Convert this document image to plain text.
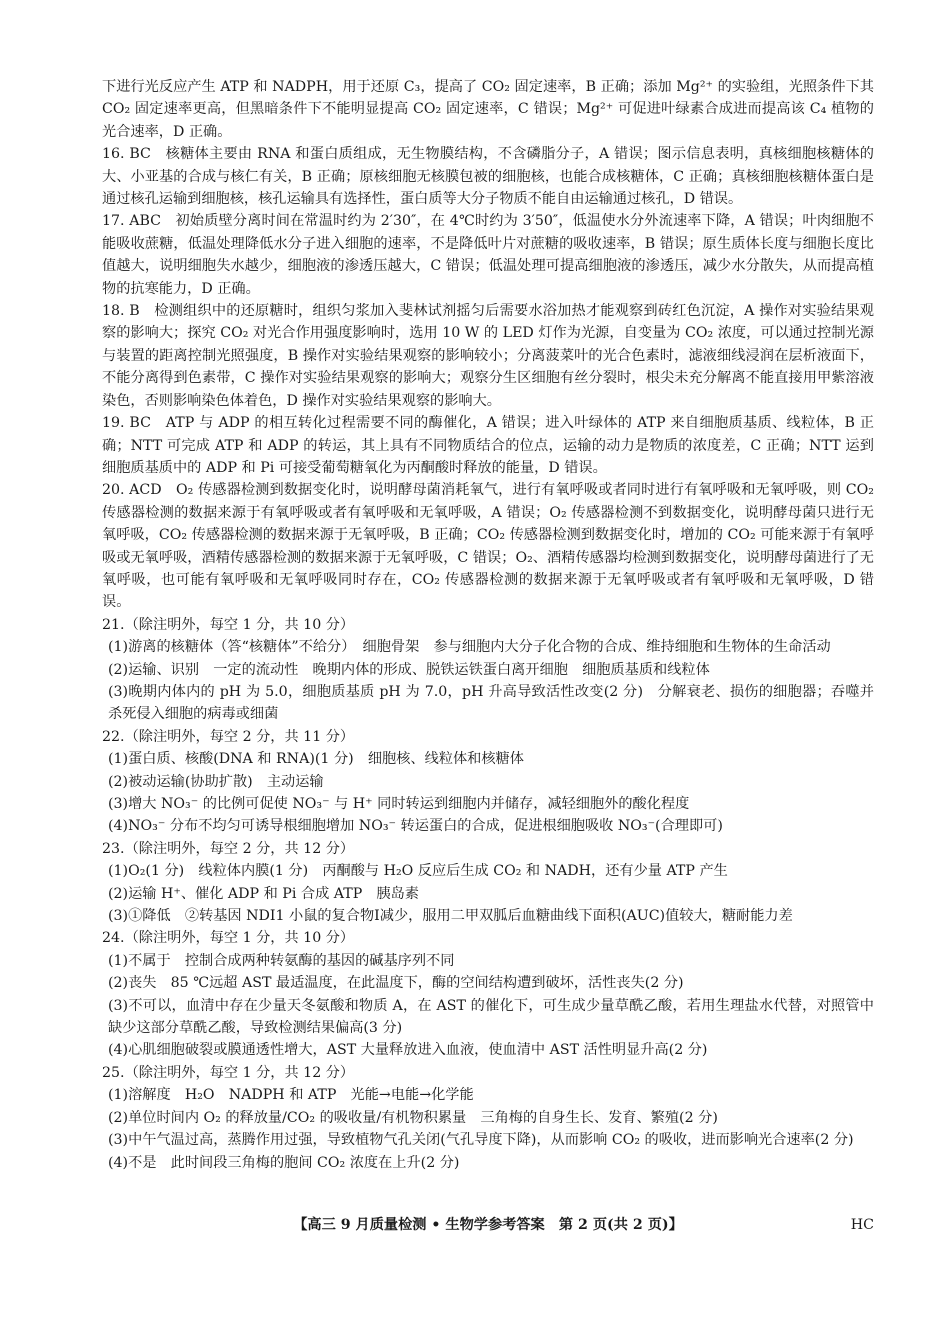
下进行光反应产生 ATP 和 NADPH，用于还原 C₃，提高了 CO₂ 固定速率，B 正确；添加 Mg²⁺ 的实验组，光照条件下其 CO₂ 固定速率更高，但黑暗条件下不能明显提高 CO₂ 固定速率，C 错误；Mg²⁺ 可促进叶绿素合成进而提高该 C₄ 植物的光合速率，D 正确。

16. BC　核糖体主要由 RNA 和蛋白质组成，无生物膜结构，不含磷脂分子，A 错误；图示信息表明，真核细胞核糖体的大、小亚基的合成与核仁有关，B 正确；原核细胞无核膜包被的细胞核，也能合成核糖体，C 正确；真核细胞核糖体蛋白是通过核孔运输到细胞核，核孔运输具有选择性，蛋白质等大分子物质不能自由运输通过核孔，D 错误。

17. ABC　初始质壁分离时间在常温时约为 2′30″，在 4℃时约为 3′50″，低温使水分外流速率下降，A 错误；叶肉细胞不能吸收蔗糖，低温处理降低水分子进入细胞的速率，不是降低叶片对蔗糖的吸收速率，B 错误；原生质体长度与细胞长度比值越大，说明细胞失水越少，细胞液的渗透压越大，C 错误；低温处理可提高细胞液的渗透压，减少水分散失，从而提高植物的抗寒能力，D 正确。

18. B　检测组织中的还原糖时，组织匀浆加入斐林试剂摇匀后需要水浴加热才能观察到砖红色沉淀，A 操作对实验结果观察的影响大；探究 CO₂ 对光合作用强度影响时，选用 10 W 的 LED 灯作为光源，自变量为 CO₂ 浓度，可以通过控制光源与装置的距离控制光照强度，B 操作对实验结果观察的影响较小；分离菠菜叶的光合色素时，滤液细线浸润在层析液面下，不能分离得到色素带，C 操作对实验结果观察的影响大；观察分生区细胞有丝分裂时，根尖未充分解离不能直接用甲紫溶液染色，否则影响染色体着色，D 操作对实验结果观察的影响大。

19. BC　ATP 与 ADP 的相互转化过程需要不同的酶催化，A 错误；进入叶绿体的 ATP 来自细胞质基质、线粒体，B 正确；NTT 可完成 ATP 和 ADP 的转运，其上具有不同物质结合的位点，运输的动力是物质的浓度差，C 正确；NTT 运到细胞质基质中的 ADP 和 Pi 可接受葡萄糖氧化为丙酮酸时释放的能量，D 错误。

20. ACD　O₂ 传感器检测到数据变化时，说明酵母菌消耗氧气，进行有氧呼吸或者同时进行有氧呼吸和无氧呼吸，则 CO₂ 传感器检测的数据来源于有氧呼吸或者有氧呼吸和无氧呼吸，A 错误；O₂ 传感器检测不到数据变化，说明酵母菌只进行无氧呼吸，CO₂ 传感器检测的数据来源于无氧呼吸，B 正确；CO₂ 传感器检测到数据变化时，增加的 CO₂ 可能来源于有氧呼吸或无氧呼吸，酒精传感器检测的数据来源于无氧呼吸，C 错误；O₂、酒精传感器均检测到数据变化，说明酵母菌进行了无氧呼吸，也可能有氧呼吸和无氧呼吸同时存在，CO₂ 传感器检测的数据来源于无氧呼吸或者有氧呼吸和无氧呼吸，D 错误。

21.（除注明外，每空 1 分，共 10 分）

(1)游离的核糖体（答“核糖体”不给分）　细胞骨架　参与细胞内大分子化合物的合成、维持细胞和生物体的生命活动

(2)运输、识别　一定的流动性　晚期内体的形成、脱铁运铁蛋白离开细胞　细胞质基质和线粒体

(3)晚期内体内的 pH 为 5.0，细胞质基质 pH 为 7.0，pH 升高导致活性改变(2 分)　分解衰老、损伤的细胞器；吞噬并杀死侵入细胞的病毒或细菌

22.（除注明外，每空 2 分，共 11 分）

(1)蛋白质、核酸(DNA 和 RNA)(1 分)　细胞核、线粒体和核糖体

(2)被动运输(协助扩散)　主动运输

(3)增大 NO₃⁻ 的比例可促使 NO₃⁻ 与 H⁺ 同时转运到细胞内并储存，减轻细胞外的酸化程度

(4)NO₃⁻ 分布不均匀可诱导根细胞增加 NO₃⁻ 转运蛋白的合成，促进根细胞吸收 NO₃⁻(合理即可)

23.（除注明外，每空 2 分，共 12 分）

(1)O₂(1 分)　线粒体内膜(1 分)　丙酮酸与 H₂O 反应后生成 CO₂ 和 NADH，还有少量 ATP 产生

(2)运输 H⁺、催化 ADP 和 Pi 合成 ATP　胰岛素

(3)①降低　②转基因 NDI1 小鼠的复合物Ⅰ减少，服用二甲双胍后血糖曲线下面积(AUC)值较大，糖耐能力差

24.（除注明外，每空 1 分，共 10 分）

(1)不属于　控制合成两种转氨酶的基因的碱基序列不同

(2)丧失　85 ℃远超 AST 最适温度，在此温度下，酶的空间结构遭到破坏，活性丧失(2 分)

(3)不可以，血清中存在少量天冬氨酸和物质 A，在 AST 的催化下，可生成少量草酰乙酸，若用生理盐水代替，对照管中缺少这部分草酰乙酸，导致检测结果偏高(3 分)

(4)心肌细胞破裂或膜通透性增大，AST 大量释放进入血液，使血清中 AST 活性明显升高(2 分)

25.（除注明外，每空 1 分，共 12 分）

(1)溶解度　H₂O　NADPH 和 ATP　光能→电能→化学能

(2)单位时间内 O₂ 的释放量/CO₂ 的吸收量/有机物积累量　三角梅的自身生长、发育、繁殖(2 分)

(3)中午气温过高，蒸腾作用过强，导致植物气孔关闭(气孔导度下降)，从而影响 CO₂ 的吸收，进而影响光合速率(2 分)

(4)不是　此时间段三角梅的胞间 CO₂ 浓度在上升(2 分)

【高三 9 月质量检测 • 生物学参考答案　第 2 页(共 2 页)】	HC
